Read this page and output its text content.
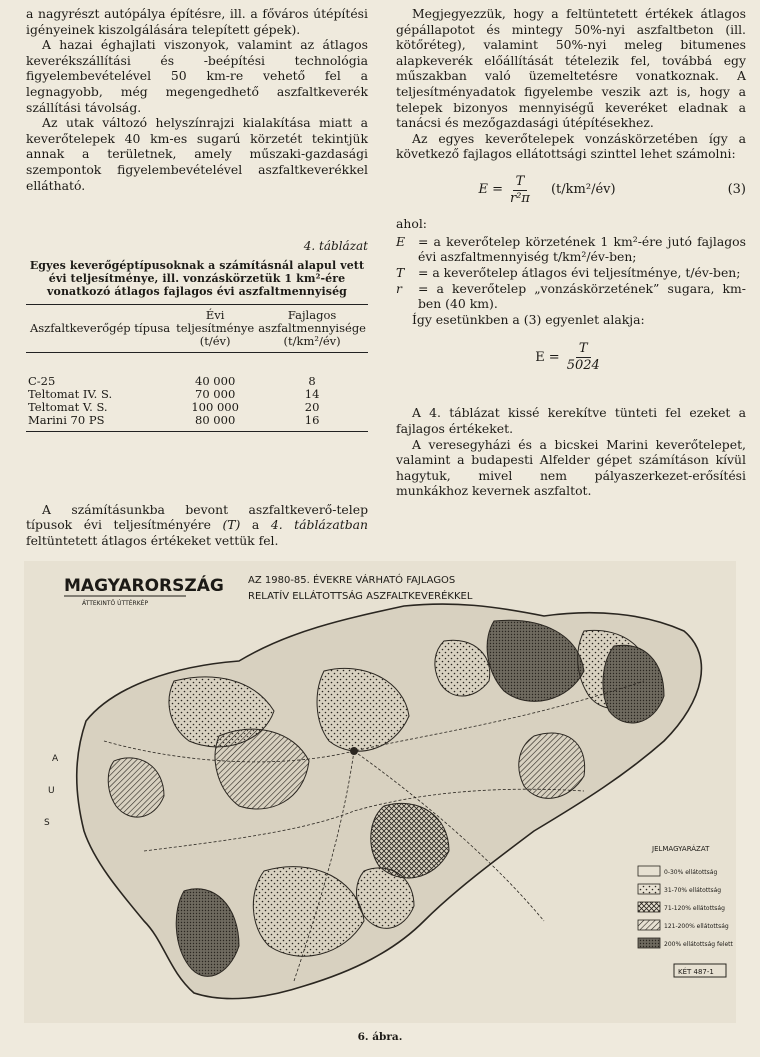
a nagyrészt autópálya építésre, ill. a főváros útépítési igényeinek kiszolgálására telepített gépek).

A hazai éghajlati viszonyok, valamint az átlagos keverékszállítási és -beépítési technológia figyelembevételével 50 km-re vehető fel a legnagyobb, még megengedhető aszfaltkeverék szállítási távolság.

Az utak változó helyszínrajzi kialakítása miatt a keverőtelepek 40 km-es sugarú körzetét tekintjük annak a területnek, amely műszaki-gazdasági szempontok figyelembevételével aszfaltkeverékkel ellátható.

4. táblázat
Egyes keverőgéptípusoknak a számításnál alapul vett évi teljesítménye, ill. vonzáskörzetük 1 km²-ére vonatkozó átlagos fajlagos évi aszfaltmennyiség
Aszfaltkeverőgép típusa	Évi teljesítménye (t/év)	Fajlagos aszfaltmennyisége (t/km²/év)
C-25	40 000	8
Teltomat IV. S.	70 000	14
Teltomat V. S.	100 000	20
Marini 70 PS	80 000	16

A számításunkba bevont aszfaltkeverő-telep típusok évi teljesítményére (T) a 4. táblázatban feltüntetett átlagos értékeket vettük fel.

Megjegyezzük, hogy a feltüntetett értékek átlagos gépállapotot és mintegy 50%-nyi aszfaltbeton (ill. kötőréteg), valamint 50%-nyi meleg bitumenes alapkeverék előállítását tételezik fel, továbbá egy műszakban való üzemeltetésre vonatkoznak. A teljesítményadatok figyelembe veszik azt is, hogy a telepek bizonyos mennyiségű keveréket eladnak a tanácsi és mezőgazdasági útépítésekhez.

Az egyes keverőtelepek vonzáskörzetében így a következő fajlagos ellátottsági szinttel lehet számolni:

$E = \frac{T}{\text{r²π}}$ (t/km²/év)	(3)

ahol:

E	= a keverőtelep körzetének 1 km²-ére jutó fajlagos évi aszfaltmennyiség t/km²/év-ben;
T	= a keverőtelep átlagos évi teljesítménye, t/év-ben;
r	= a keverőtelep „vonzáskörzetének” sugara, km-ben (40 km).

Így esetünkben a (3) egyenlet alakja:

$E = \frac{T}{5024}$

A 4. táblázat kissé kerekítve tünteti fel ezeket a fajlagos értékeket.

A veresegyházi és a bicskei Marini keverőtelepet, valamint a budapesti Alfelder gépet számításon kívül hagytuk, mivel nem pályaszerkezet-erősítési munkákhoz kevernek aszfaltot.

MAGYARORSZÁG
ÁTTEKINTŐ ÚTTÉRKÉP
AZ 1980-85. ÉVEKRE VÁRHATÓ FAJLAGOS
RELATÍV ELLÁTOTTSÁG ASZFALTKEVERÉKKEL
A
U
S
JELMAGYARÁZAT
0-30% ellátottság
31-70% ellátottság
71-120% ellátottság
121-200% ellátottság
200% ellátottság felett
KÉT 487-1
6. ábra.
